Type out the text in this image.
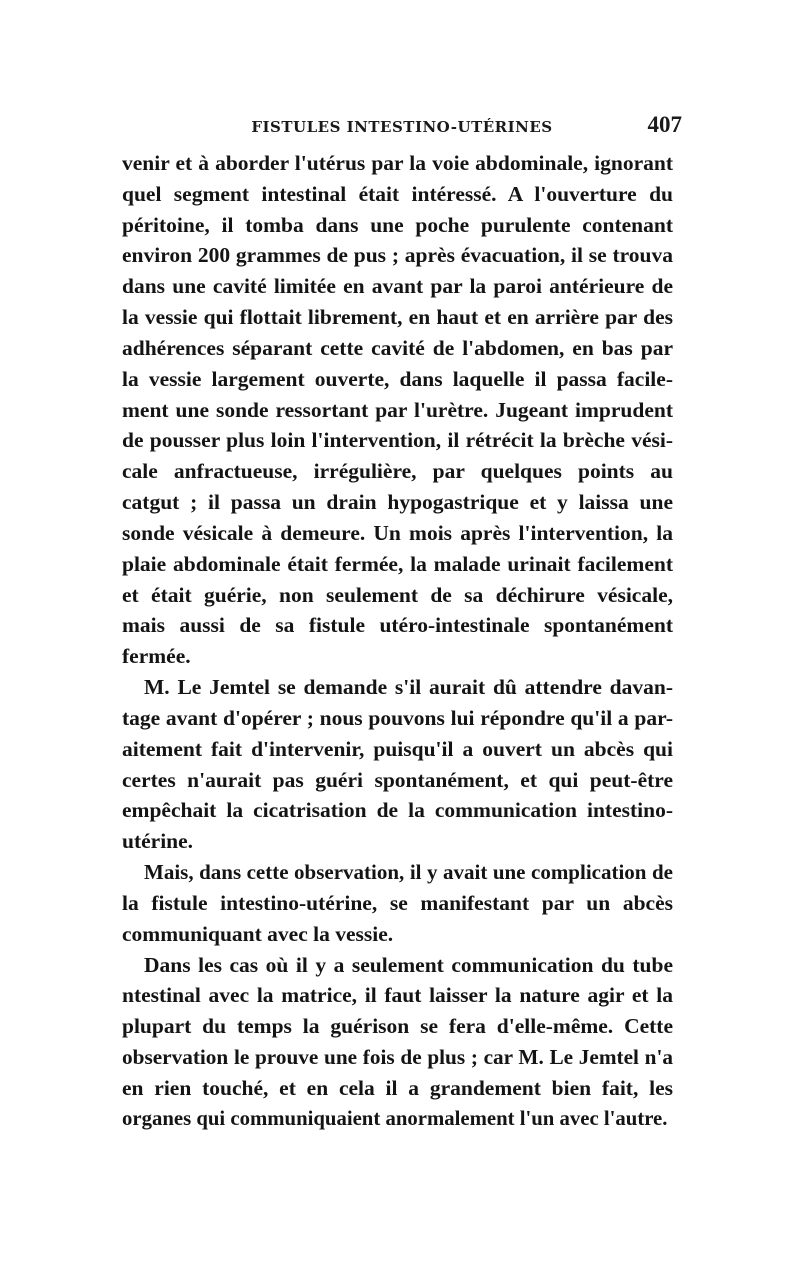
FISTULES INTESTINO-UTÉRINES	407
venir et à aborder l'utérus par la voie abdominale, ignorant
quel segment intestinal était intéressé. A l'ouverture du
péritoine, il tomba dans une poche purulente contenant
environ 200 grammes de pus ; après évacuation, il se trouva
dans une cavité limitée en avant par la paroi antérieure de
la vessie qui flottait librement, en haut et en arrière par des
adhérences séparant cette cavité de l'abdomen, en bas par
la vessie largement ouverte, dans laquelle il passa facile-
ment une sonde ressortant par l'urètre. Jugeant imprudent
de pousser plus loin l'intervention, il rétrécit la brèche vési-
cale anfractueuse, irrégulière, par quelques points au
catgut ; il passa un drain hypogastrique et y laissa une
sonde vésicale à demeure. Un mois après l'intervention, la
plaie abdominale était fermée, la malade urinait facilement
et était guérie, non seulement de sa déchirure vésicale,
mais aussi de sa fistule utéro-intestinale spontanément
fermée.
M. Le Jemtel se demande s'il aurait dû attendre davan-
tage avant d'opérer ; nous pouvons lui répondre qu'il a par-
aitement fait d'intervenir, puisqu'il a ouvert un abcès qui
certes n'aurait pas guéri spontanément, et qui peut-être
empêchait la cicatrisation de la communication intestino-
utérine.
Mais, dans cette observation, il y avait une complication de
la fistule intestino-utérine, se manifestant par un abcès
communiquant avec la vessie.
Dans les cas où il y a seulement communication du tube
ntestinal avec la matrice, il faut laisser la nature agir et la
plupart du temps la guérison se fera d'elle-même. Cette
observation le prouve une fois de plus ; car M. Le Jemtel n'a
en rien touché, et en cela il a grandement bien fait, les
organes qui communiquaient anormalement l'un avec l'autre.
